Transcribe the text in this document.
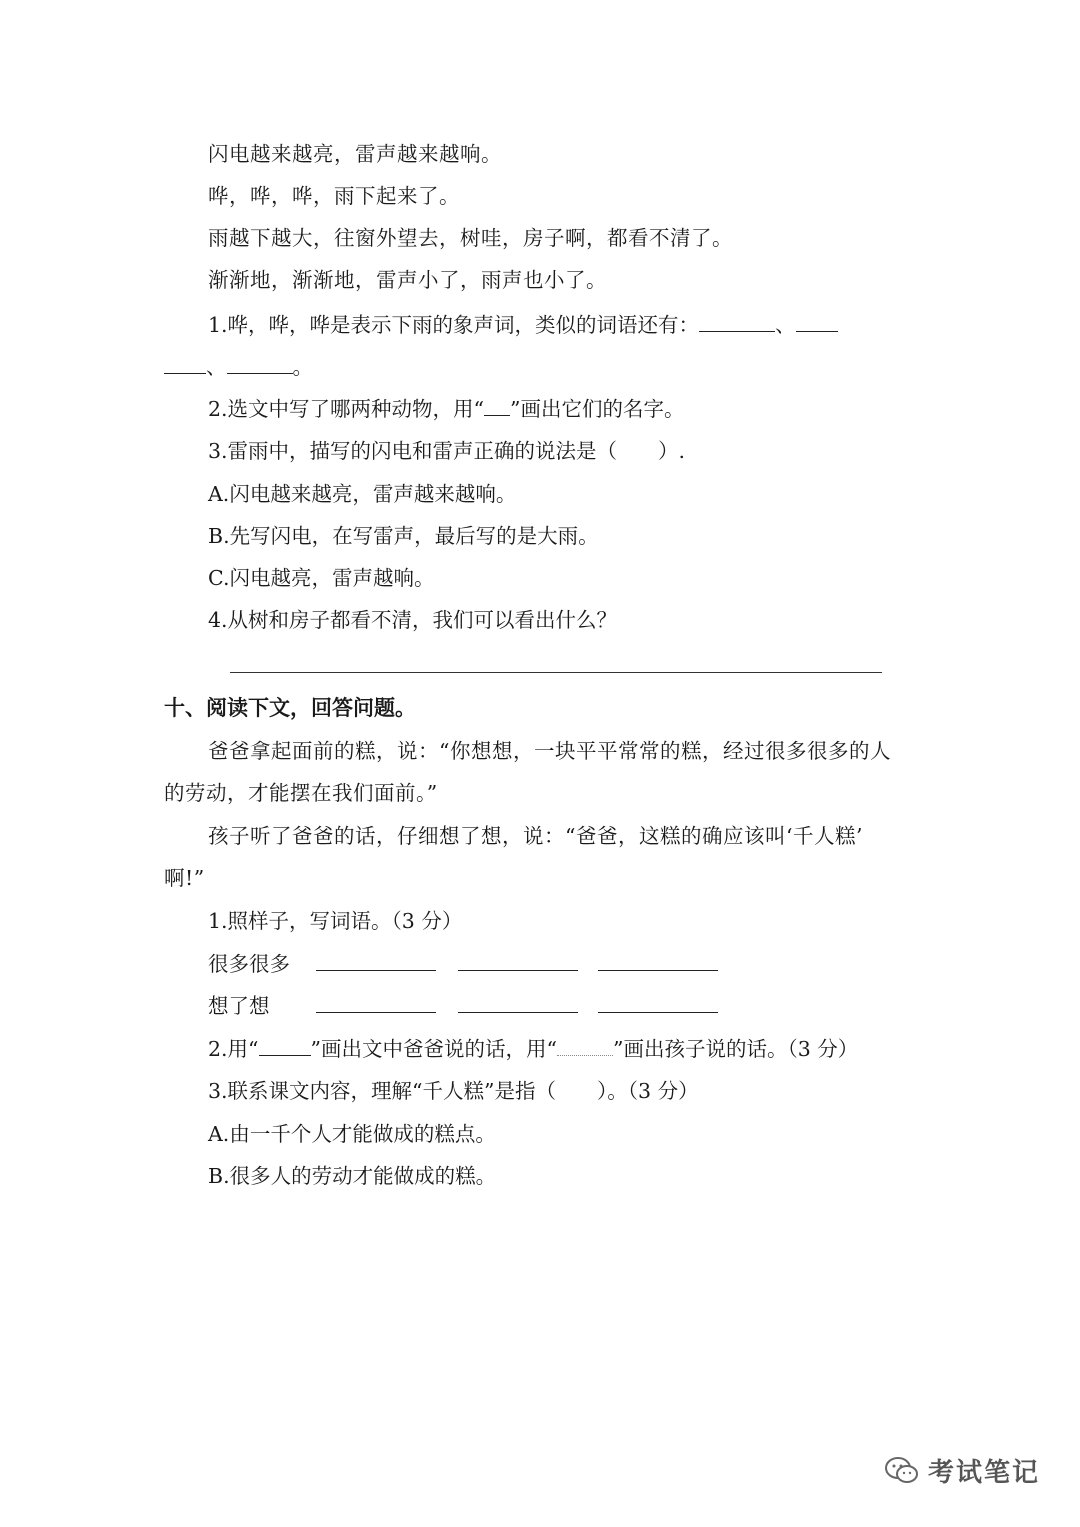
闪电越来越亮，雷声越来越响。
哗，哗，哗，雨下起来了。
雨越下越大，往窗外望去，树哇，房子啊，都看不清了。
渐渐地，渐渐地，雷声小了，雨声也小了。
1.哗，哗，哗是表示下雨的象声词，类似的词语还有：	、
、	。
2.选文中写了哪两种动物，用“ ”画出它们的名字。
3.雷雨中，描写的闪电和雷声正确的说法是（　　）.
A.闪电越来越亮，雷声越来越响。
B.先写闪电，在写雷声，最后写的是大雨。
C.闪电越亮，雷声越响。
4.从树和房子都看不清，我们可以看出什么？
十、阅读下文，回答问题。
爸爸拿起面前的糕，说：“你想想，一块平平常常的糕，经过很多很多的人
的劳动，才能摆在我们面前。”
孩子听了爸爸的话，仔细想了想，说：“爸爸，这糕的确应该叫‘千人糕’
啊!”
1.照样子，写词语。（3 分）
很多很多
想了想
2.用“	”画出文中爸爸说的话，用“	”画出孩子说的话。（3 分）
3.联系课文内容，理解“千人糕”是指（　　）。（3 分）
A.由一千个人才能做成的糕点。
B.很多人的劳动才能做成的糕。
考试笔记
